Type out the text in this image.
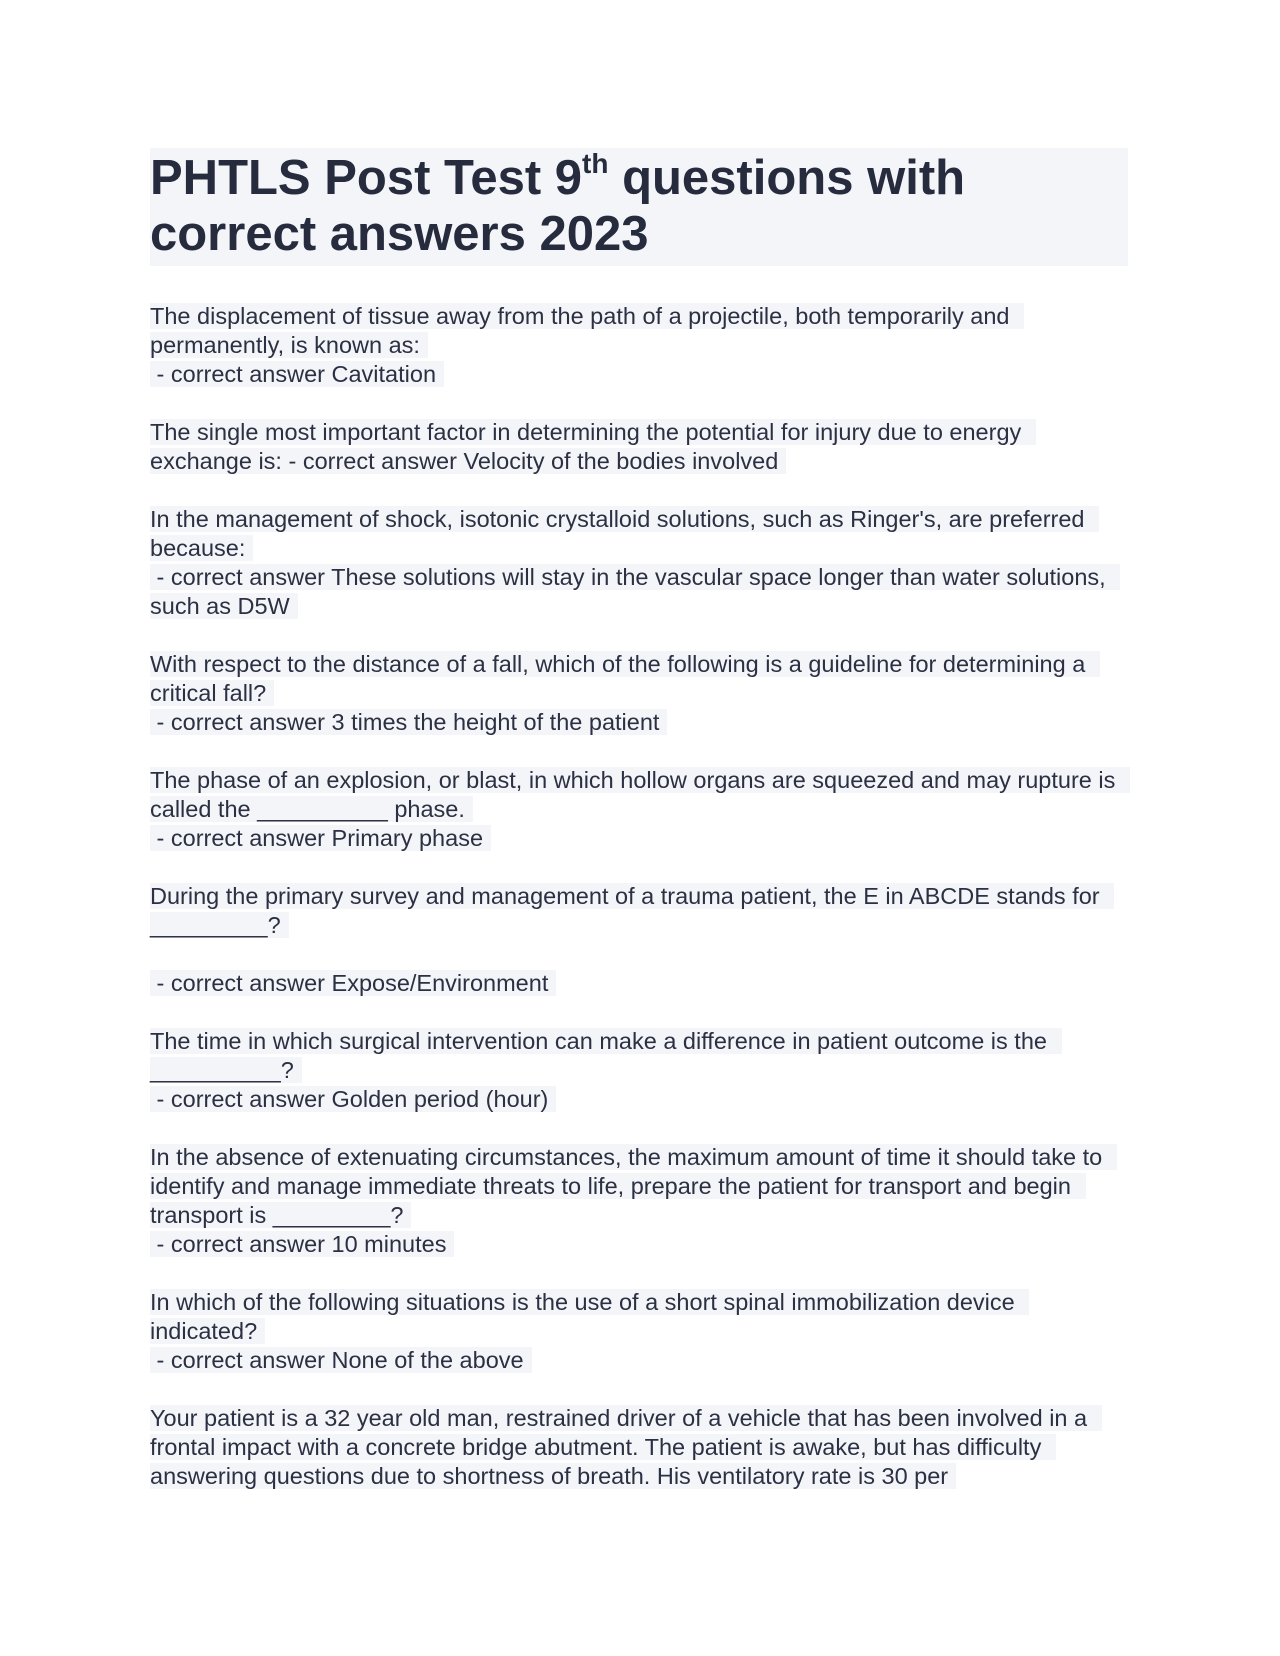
PHTLS Post Test 9th questions with correct answers 2023
The displacement of tissue away from the path of a projectile, both temporarily and permanently, is known as:
- correct answer Cavitation
The single most important factor in determining the potential for injury due to energy exchange is: - correct answer Velocity of the bodies involved
In the management of shock, isotonic crystalloid solutions, such as Ringer's, are preferred because:
- correct answer These solutions will stay in the vascular space longer than water solutions, such as D5W
With respect to the distance of a fall, which of the following is a guideline for determining a critical fall?
- correct answer 3 times the height of the patient
The phase of an explosion, or blast, in which hollow organs are squeezed and may rupture is called the __________ phase.
- correct answer Primary phase
During the primary survey and management of a trauma patient, the E in ABCDE stands for _________?
- correct answer Expose/Environment
The time in which surgical intervention can make a difference in patient outcome is the __________?
- correct answer Golden period (hour)
In the absence of extenuating circumstances, the maximum amount of time it should take to identify and manage immediate threats to life, prepare the patient for transport and begin transport is _________?
- correct answer 10 minutes
In which of the following situations is the use of a short spinal immobilization device indicated?
- correct answer None of the above
Your patient is a 32 year old man, restrained driver of a vehicle that has been involved in a frontal impact with a concrete bridge abutment. The patient is awake, but has difficulty answering questions due to shortness of breath. His ventilatory rate is 30 per
